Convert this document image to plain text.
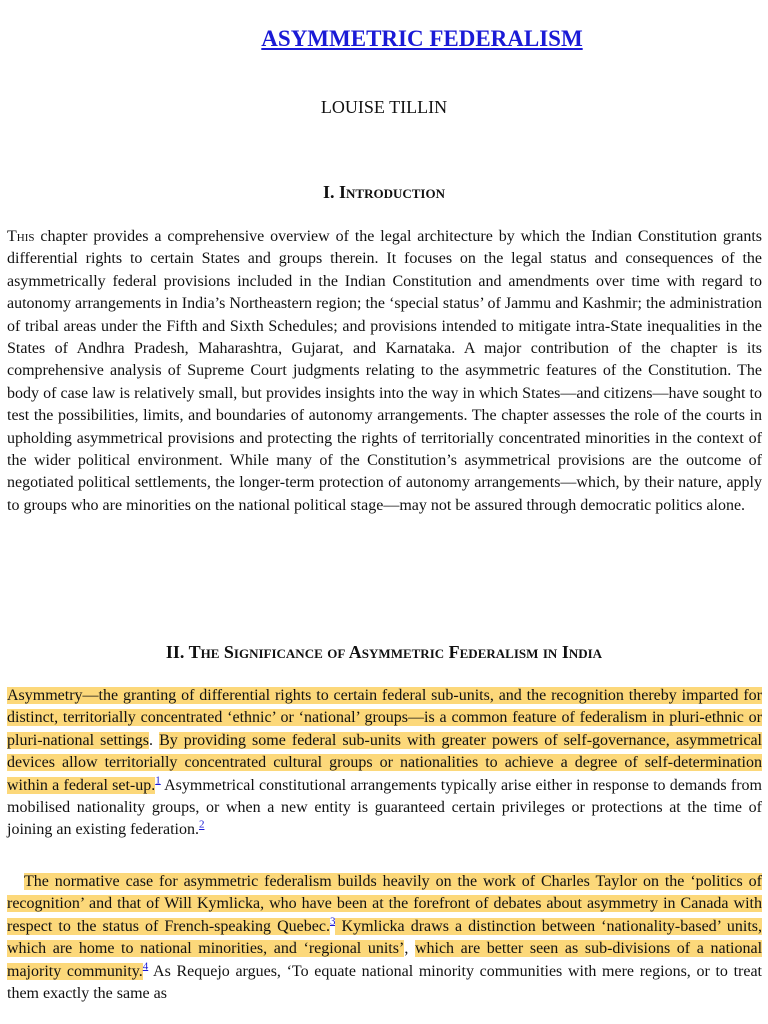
ASYMMETRIC FEDERALISM

LOUISE TILLIN

I. Introduction

This chapter provides a comprehensive overview of the legal architecture by which the Indian Constitution grants differential rights to certain States and groups therein. It focuses on the legal status and consequences of the asymmetrically federal provisions included in the Indian Constitution and amendments over time with regard to autonomy arrangements in India’s Northeastern region; the ‘special status’ of Jammu and Kashmir; the administration of tribal areas under the Fifth and Sixth Schedules; and provisions intended to mitigate intra-State inequalities in the States of Andhra Pradesh, Maharashtra, Gujarat, and Karnataka. A major contribution of the chapter is its comprehensive analysis of Supreme Court judgments relating to the asymmetric features of the Constitution. The body of case law is relatively small, but provides insights into the way in which States—and citizens—have sought to test the possibilities, limits, and boundaries of autonomy arrangements. The chapter assesses the role of the courts in upholding asymmetrical provisions and protecting the rights of territorially concentrated minorities in the context of the wider political environment. While many of the Constitution’s asymmetrical provisions are the outcome of negotiated political settlements, the longer-term protection of autonomy arrangements—which, by their nature, apply to groups who are minorities on the national political stage—may not be assured through democratic politics alone.

II. The Significance of Asymmetric Federalism in India

Asymmetry—the granting of differential rights to certain federal sub-units, and the recognition thereby imparted for distinct, territorially concentrated ‘ethnic’ or ‘national’ groups—is a common feature of federalism in pluri-ethnic or pluri-national settings. By providing some federal sub-units with greater powers of self-governance, asymmetrical devices allow territorially concentrated cultural groups or nationalities to achieve a degree of self-determination within a federal set-up.$^1$ Asymmetrical constitutional arrangements typically arise either in response to demands from mobilised nationality groups, or when a new entity is guaranteed certain privileges or protections at the time of joining an existing federation.$^2$

The normative case for asymmetric federalism builds heavily on the work of Charles Taylor on the ‘politics of recognition’ and that of Will Kymlicka, who have been at the forefront of debates about asymmetry in Canada with respect to the status of French-speaking Quebec.$^3$ Kymlicka draws a distinction between ‘nationality-based’ units, which are home to national minorities, and ‘regional units’, which are better seen as sub-divisions of a national majority community.$^4$ As Requejo argues, ‘To equate national minority communities with mere regions, or to treat them exactly the same as
